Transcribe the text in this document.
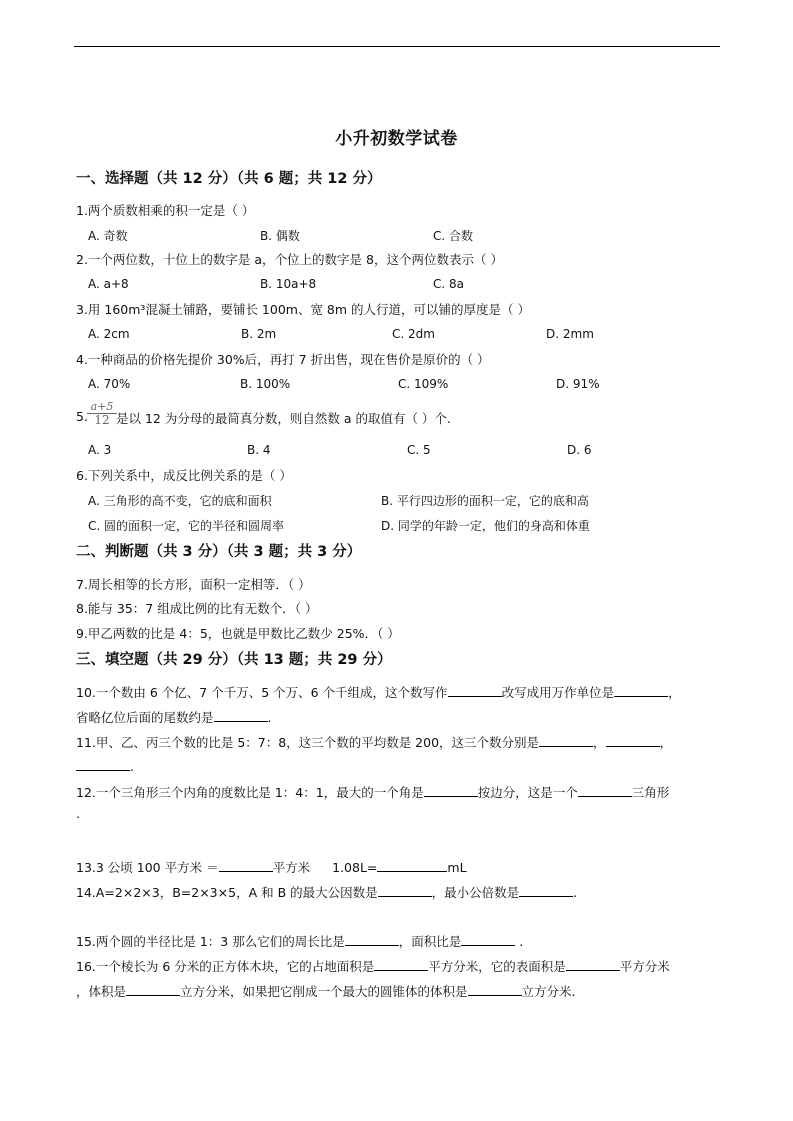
小升初数学试卷
一、选择题（共 12 分）（共 6 题；共 12 分）
1.两个质数相乘的积一定是（ ）
A. 奇数	B. 偶数	C. 合数
2.一个两位数，十位上的数字是 a，个位上的数字是 8，这个两位数表示（ ）
A. a+8	B. 10a+8	C. 8a
3.用 160m³混凝土铺路，要铺长 100m、宽 8m 的人行道，可以铺的厚度是（ ）
A. 2cm	B. 2m	C. 2dm	D. 2mm
4.一种商品的价格先提价 30%后，再打 7 折出售，现在售价是原价的（ ）
A. 70%	B. 100%	C. 109%	D. 91%
5.
a+5
12 是以 12 为分母的最简真分数，则自然数 a 的取值有（ ）个.
A. 3	B. 4	C. 5	D. 6
6.下列关系中，成反比例关系的是（ ）
A. 三角形的高不变，它的底和面积	B. 平行四边形的面积一定，它的底和高
C. 圆的面积一定，它的半径和圆周率	D. 同学的年龄一定，他们的身高和体重
二、判断题（共 3 分）（共 3 题；共 3 分）
7.周长相等的长方形，面积一定相等．（ ）
8.能与 35：7 组成比例的比有无数个．（ ）
9.甲乙两数的比是 4：5，也就是甲数比乙数少 25%．（ ）
三、填空题（共 29 分）（共 13 题；共 29 分）
10.一个数由 6 个亿、7 个千万、5 个万、6 个千组成，这个数写作	改写成用万作单位是	，
省略亿位后面的尾数约是	.
11.甲、乙、丙三个数的比是 5：7：8，这三个数的平均数是 200，这三个数分别是	，	，
.
12.一个三角形三个内角的度数比是 1：4：1，最大的一个角是	按边分，这是一个	三角形
.
13.3 公顷 100 平方米 ＝	平方米 1.08L=	mL
14.A=2×2×3，B=2×3×5，A 和 B 的最大公因数是	，最小公倍数是	.
15.两个圆的半径比是 1：3 那么它们的周长比是	，面积比是	.
16.一个棱长为 6 分米的正方体木块，它的占地面积是	平方分米，它的表面积是	平方分米
，体积是	立方分米，如果把它削成一个最大的圆锥体的体积是	立方分米.
